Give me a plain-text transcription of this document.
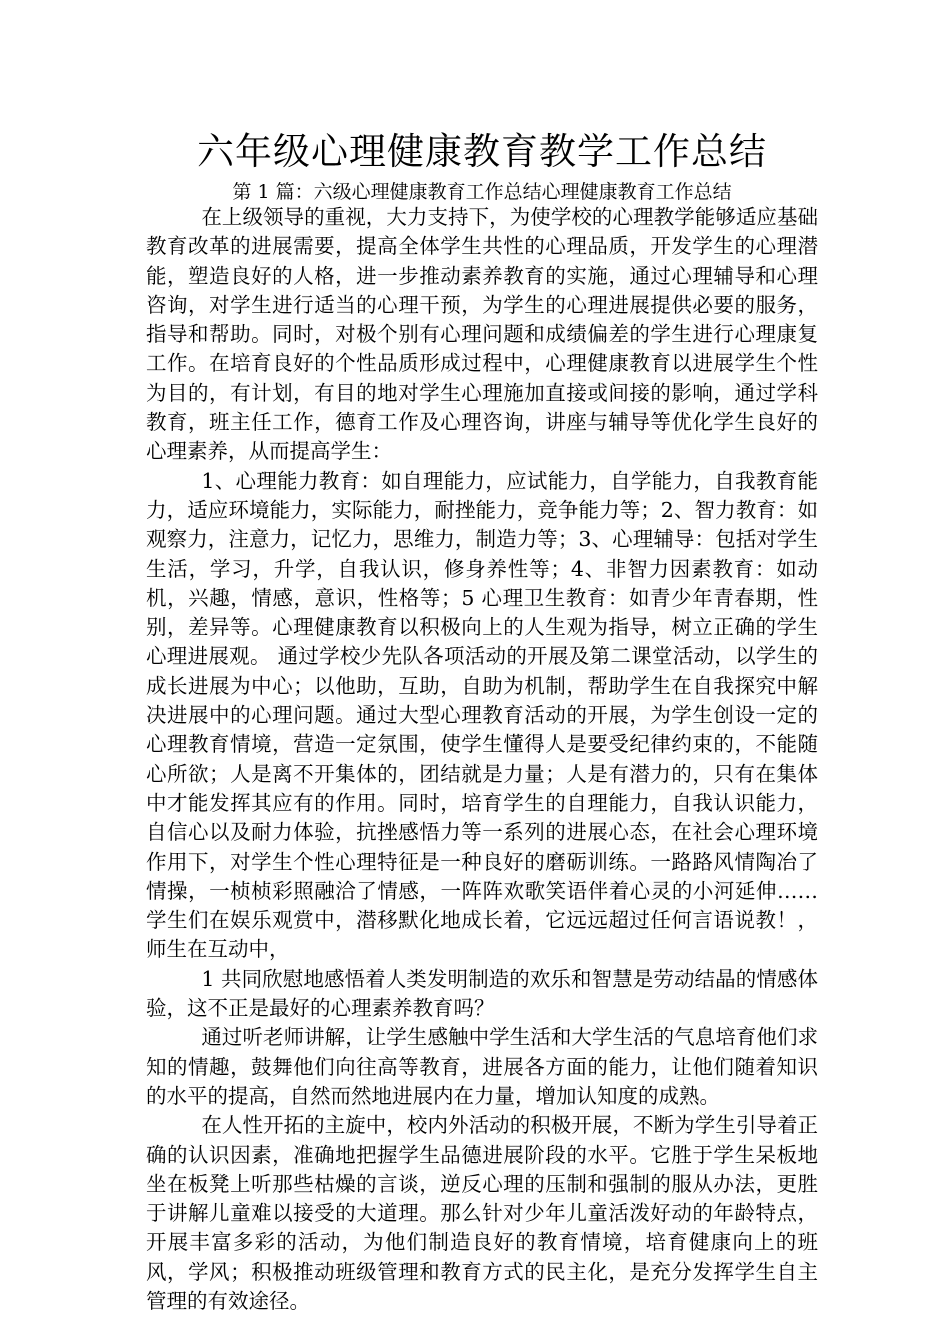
六年级心理健康教育教学工作总结

第 1 篇：六级心理健康教育工作总结心理健康教育工作总结

在上级领导的重视，大力支持下，为使学校的心理教学能够适应基础教育改革的进展需要，提高全体学生共性的心理品质，开发学生的心理潜能，塑造良好的人格，进一步推动素养教育的实施，通过心理辅导和心理咨询，对学生进行适当的心理干预，为学生的心理进展提供必要的服务，指导和帮助。同时，对极个别有心理问题和成绩偏差的学生进行心理康复工作。在培育良好的个性品质形成过程中，心理健康教育以进展学生个性为目的，有计划，有目的地对学生心理施加直接或间接的影响，通过学科教育，班主任工作，德育工作及心理咨询，讲座与辅导等优化学生良好的心理素养，从而提高学生：

1、心理能力教育：如自理能力，应试能力，自学能力，自我教育能力，适应环境能力，实际能力，耐挫能力，竞争能力等；2、智力教育：如观察力，注意力，记忆力，思维力，制造力等；3、心理辅导：包括对学生生活，学习，升学，自我认识，修身养性等；4、非智力因素教育：如动机，兴趣，情感，意识，性格等；5 心理卫生教育：如青少年青春期，性别，差异等。心理健康教育以积极向上的人生观为指导，树立正确的学生心理进展观。 通过学校少先队各项活动的开展及第二课堂活动，以学生的成长进展为中心；以他助，互助，自助为机制，帮助学生在自我探究中解决进展中的心理问题。通过大型心理教育活动的开展，为学生创设一定的心理教育情境，营造一定氛围，使学生懂得人是要受纪律约束的，不能随心所欲；人是离不开集体的，团结就是力量；人是有潜力的，只有在集体中才能发挥其应有的作用。同时，培育学生的自理能力，自我认识能力，自信心以及耐力体验，抗挫感悟力等一系列的进展心态，在社会心理环境作用下，对学生个性心理特征是一种良好的磨砺训练。一路路风情陶冶了情操，一桢桢彩照融洽了情感，一阵阵欢歌笑语伴着心灵的小河延伸……学生们在娱乐观赏中，潜移默化地成长着，它远远超过任何言语说教！，师生在互动中，

1 共同欣慰地感悟着人类发明制造的欢乐和智慧是劳动结晶的情感体验，这不正是最好的心理素养教育吗？

通过听老师讲解，让学生感触中学生活和大学生活的气息培育他们求知的情趣，鼓舞他们向往高等教育，进展各方面的能力，让他们随着知识的水平的提高，自然而然地进展内在力量，增加认知度的成熟。

在人性开拓的主旋中，校内外活动的积极开展，不断为学生引导着正确的认识因素，准确地把握学生品德进展阶段的水平。它胜于学生呆板地坐在板凳上听那些枯燥的言谈，逆反心理的压制和强制的服从办法，更胜于讲解儿童难以接受的大道理。那么针对少年儿童活泼好动的年龄特点，开展丰富多彩的活动，为他们制造良好的教育情境，培育健康向上的班风，学风；积极推动班级管理和教育方式的民主化，是充分发挥学生自主管理的有效途径。
